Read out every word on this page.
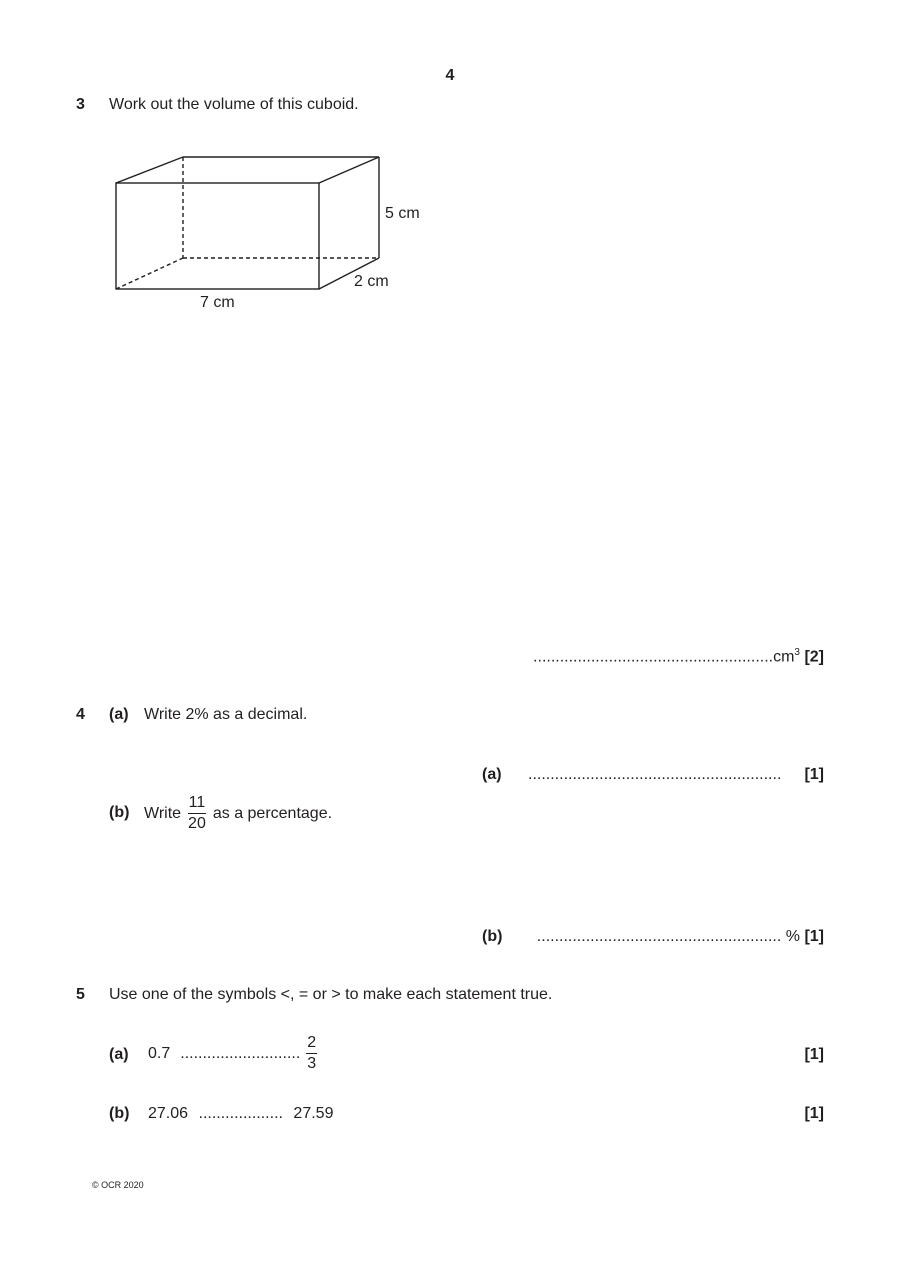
4
3 Work out the volume of this cuboid.
5 cm
2 cm
7 cm
$......................................................cm^3$ [2]
4 (a) Write 2% as a decimal.
(a) ......................................................... [1]
(b) Write $\frac{11}{20}$ as a percentage.
(b) ....................................................... % [1]
5 Use one of the symbols <, = or > to make each statement true.
(a) 0.7 ........................... $\frac{2}{3}$	[1]
(b) 27.06 ................... 27.59	[1]
© OCR 2020
